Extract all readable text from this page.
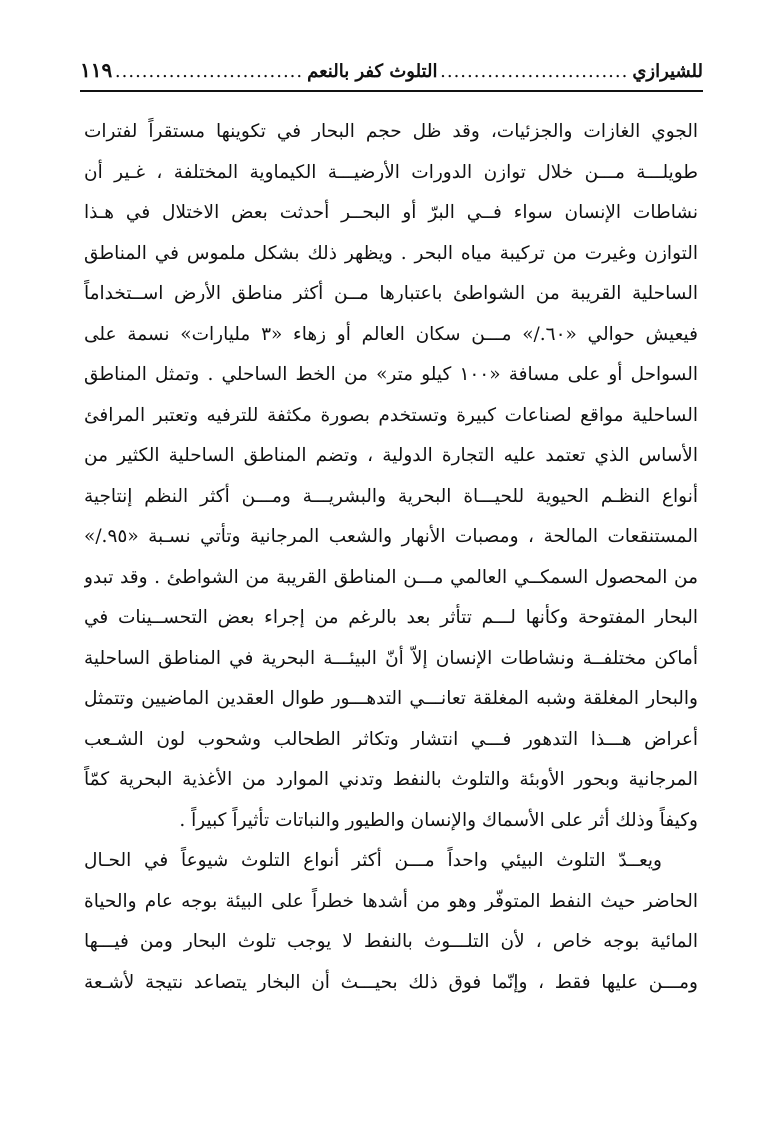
للشيرازي
.....
التلوث كفر بالنعم
.....
١١٩
الجوي الغازات والجزئيات، وقد ظل حجم البحار في تكوينها مستقراً لفترات
طويلـــة مـــن خلال توازن الدورات الأرضيـــة الكيماوية المختلفة ، غـير أن
نشاطات الإنسان سواء فــي البرّ أو البحــر أحدثت بعض الاختلال في هـذا
التوازن وغيرت من تركيبة مياه البحر . ويظهر ذلك بشكل ملموس في المناطق
الساحلية القريبة من الشواطئ باعتبارها مــن أكثر مناطق الأرض اســتخداماً
فيعيش حوالي «٦٠./» مـــن سكان العالم أو زهاء «٣ مليارات» نسمة على
السواحل أو على مسافة «١٠٠ كيلو متر» من الخط الساحلي . وتمثل المناطق
الساحلية مواقع لصناعات كبيرة وتستخدم بصورة مكثفة للترفيه وتعتبر المرافئ
الأساس الذي تعتمد عليه التجارة الدولية ، وتضم المناطق الساحلية الكثير من
أنواع النظـم الحيوية للحيـــاة البحرية والبشريـــة ومـــن أكثر النظم إنتاجية
المستنقعات المالحة ، ومصبات الأنهار والشعب المرجانية وتأتي نسـبة «٩٥./»
من المحصول السمكــي العالمي مـــن المناطق القريبة من الشواطئ . وقد تبدو
البحار المفتوحة وكأنها لـــم تتأثر بعد بالرغم من إجراء بعض التحســينات في
أماكن مختلفــة ونشاطات الإنسان إلاّ أنّ البيئـــة البحرية في المناطق الساحلية
والبحار المغلقة وشبه المغلقة تعانـــي التدهـــور طوال العقدين الماضيين وتتمثل
أعراض هـــذا التدهور فـــي انتشار وتكاثر الطحالب وشحوب لون الشـعب
المرجانية وبحور الأوبئة والتلوث بالنفط وتدني الموارد من الأغذية البحرية كمّاً
وكيفاً وذلك أثر على الأسماك والإنسان والطيور والنباتات تأثيراً كبيراً .
ويعــدّ التلوث البيئي واحداً مـــن أكثر أنواع التلوث شيوعاً في الحـال
الحاضر حيث النفط المتوفّر وهو من أشدها خطراً على البيئة بوجه عام والحياة
المائية بوجه خاص ، لأن التلـــوث بالنفط لا يوجب تلوث البحار ومن فيـــها
ومـــن عليها فقط ، وإنّما فوق ذلك بحيـــث أن البخار يتصاعد نتيجة لأشـعة
